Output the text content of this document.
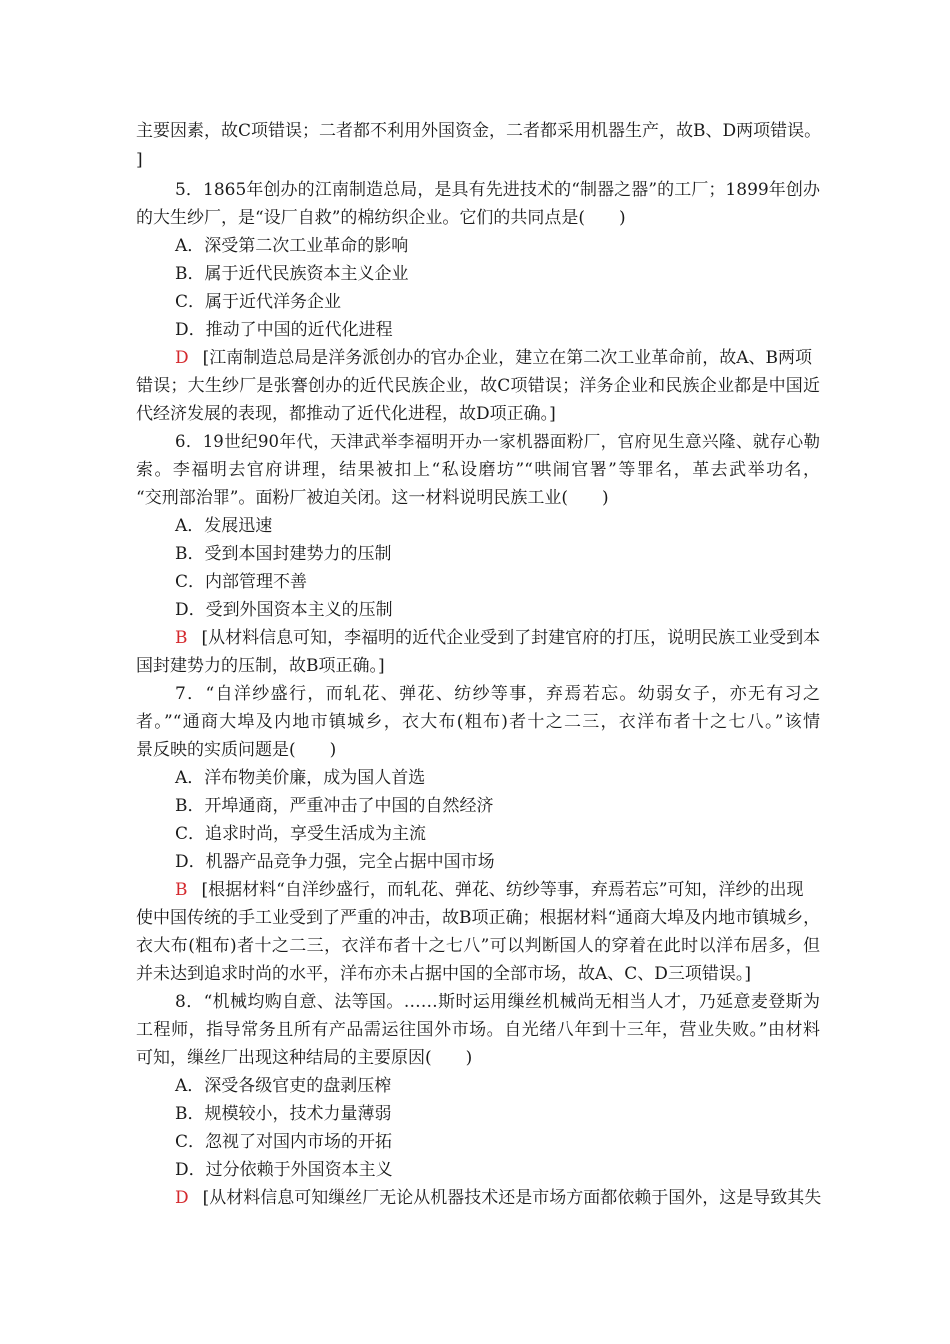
主要因素，故C项错误；二者都不利用外国资金，二者都采用机器生产，故B、D两项错误。
]
5．1865年创办的江南制造总局，是具有先进技术的“制器之器”的工厂；1899年创办
的大生纱厂，是“设厂自救”的棉纺织企业。它们的共同点是(　　)
A．深受第二次工业革命的影响
B．属于近代民族资本主义企业
C．属于近代洋务企业
D．推动了中国的近代化进程
D [江南制造总局是洋务派创办的官办企业，建立在第二次工业革命前，故A、B两项
错误；大生纱厂是张謇创办的近代民族企业，故C项错误；洋务企业和民族企业都是中国近
代经济发展的表现，都推动了近代化进程，故D项正确。]
6．19世纪90年代，天津武举李福明开办一家机器面粉厂，官府见生意兴隆、就存心勒
索。李福明去官府讲理，结果被扣上“私设磨坊”“哄闹官署”等罪名，革去武举功名，
“交刑部治罪”。面粉厂被迫关闭。这一材料说明民族工业(　　)
A．发展迅速
B．受到本国封建势力的压制
C．内部管理不善
D．受到外国资本主义的压制
B [从材料信息可知，李福明的近代企业受到了封建官府的打压，说明民族工业受到本
国封建势力的压制，故B项正确。]
7．“自洋纱盛行，而轧花、弹花、纺纱等事，弃焉若忘。幼弱女子，亦无有习之
者。”“通商大埠及内地市镇城乡，衣大布(粗布)者十之二三，衣洋布者十之七八。”该情
景反映的实质问题是(　　)
A．洋布物美价廉，成为国人首选
B．开埠通商，严重冲击了中国的自然经济
C．追求时尚，享受生活成为主流
D．机器产品竞争力强，完全占据中国市场
B [根据材料“自洋纱盛行，而轧花、弹花、纺纱等事，弃焉若忘”可知，洋纱的出现
使中国传统的手工业受到了严重的冲击，故B项正确；根据材料“通商大埠及内地市镇城乡，
衣大布(粗布)者十之二三，衣洋布者十之七八”可以判断国人的穿着在此时以洋布居多，但
并未达到追求时尚的水平，洋布亦未占据中国的全部市场，故A、C、D三项错误。]
8．“机械均购自意、法等国。……斯时运用缫丝机械尚无相当人才，乃延意麦登斯为
工程师，指导常务且所有产品需运往国外市场。自光绪八年到十三年，营业失败。”由材料
可知，缫丝厂出现这种结局的主要原因(　　)
A．深受各级官吏的盘剥压榨
B．规模较小，技术力量薄弱
C．忽视了对国内市场的开拓
D．过分依赖于外国资本主义
D [从材料信息可知缫丝厂无论从机器技术还是市场方面都依赖于国外，这是导致其失
